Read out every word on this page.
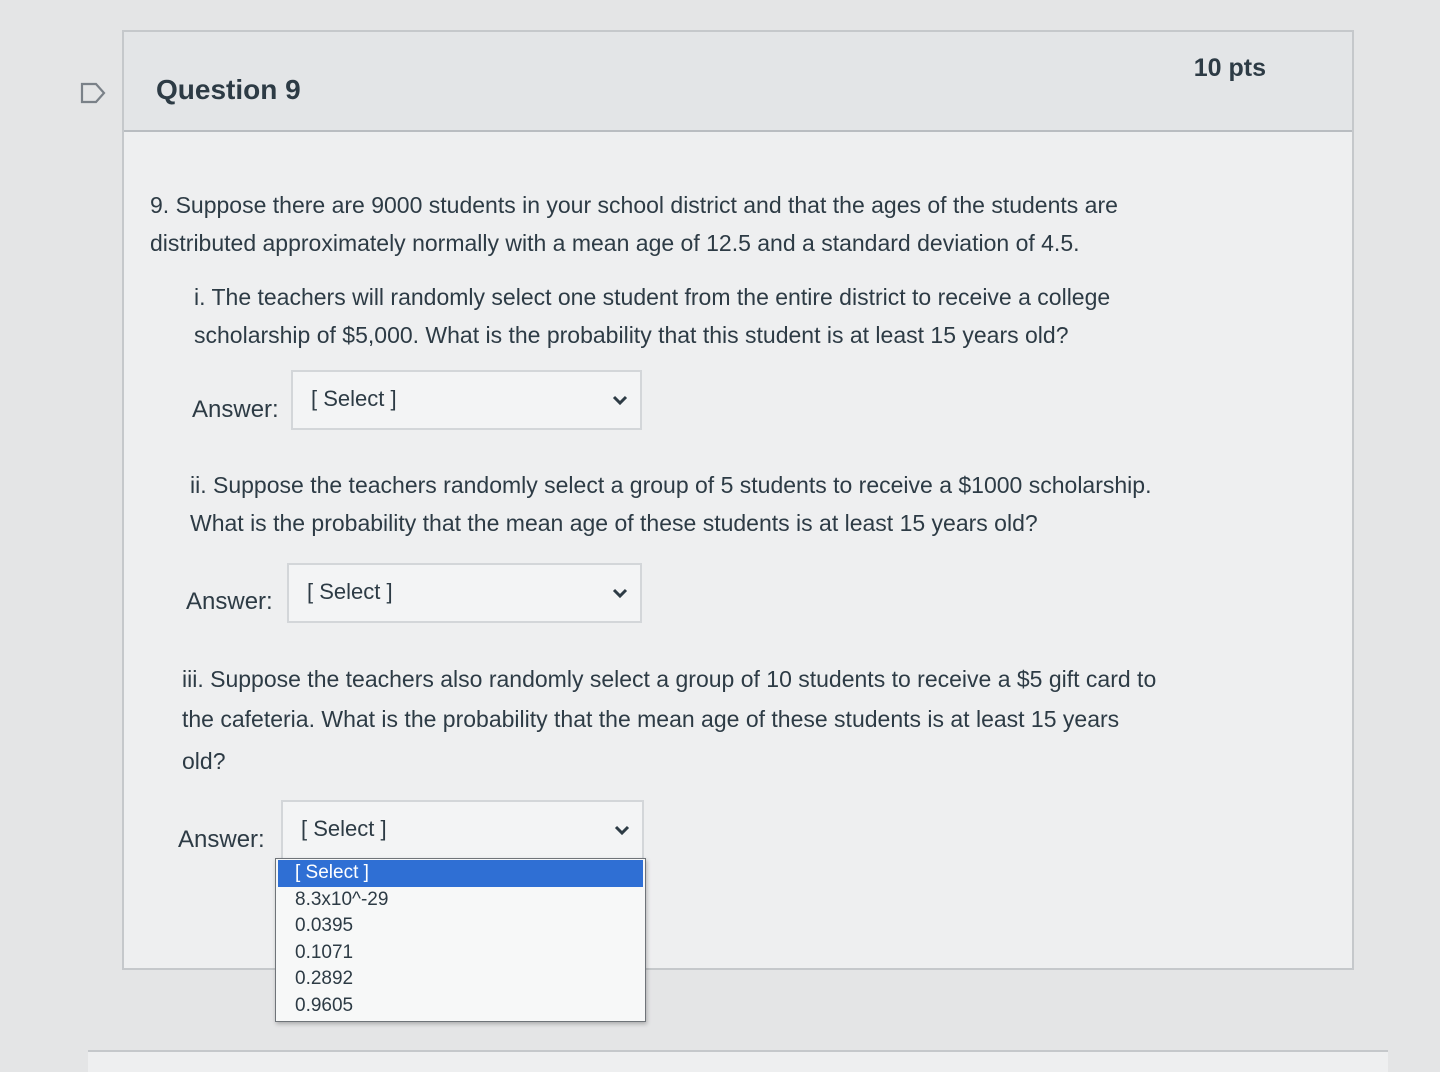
Question 9
10 pts
9. Suppose there are 9000 students in your school district and that the ages of the students are
distributed approximately normally with a mean age of 12.5 and a standard deviation of 4.5.
i. The teachers will randomly select one student from the entire district to receive a college
scholarship of $5,000. What is the probability that this student is at least 15 years old?
Answer: [ Select ]
ii. Suppose the teachers randomly select a group of 5 students to receive a $1000 scholarship.
What is the probability that the mean age of these students is at least 15 years old?
Answer: [ Select ]
iii. Suppose the teachers also randomly select a group of 10 students to receive a $5 gift card to
the cafeteria. What is the probability that the mean age of these students is at least 15 years
old?
Answer: [ Select ]
[ Select ]
8.3x10^-29
0.0395
0.1071
0.2892
0.9605
